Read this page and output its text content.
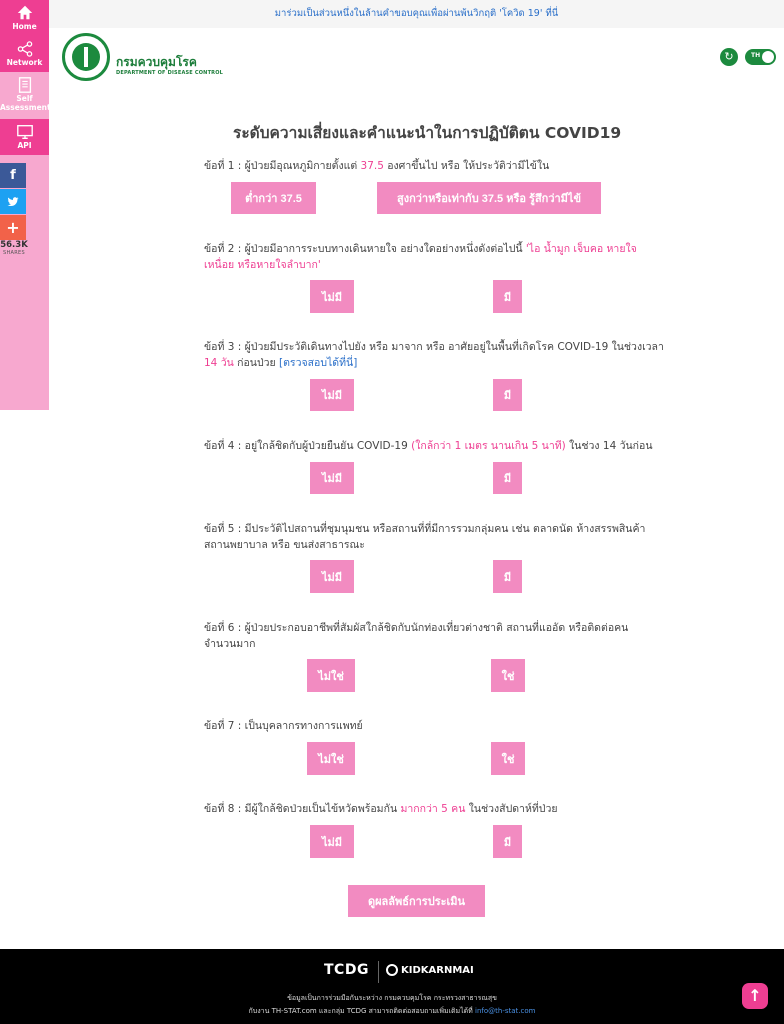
Home
Network
Self
Assessment
API
f
+
56.3K
SHARES
มาร่วมเป็นส่วนหนึ่งในล้านคำขอบคุณเพื่อผ่านพ้นวิกฤติ 'โควิด 19' ที่นี่
กรมควบคุมโรค
DEPARTMENT OF DISEASE CONTROL
↻	TH
ระดับความเสี่ยงและคำแนะนำในการปฏิบัติตน COVID19
ข้อที่ 1 : ผู้ป่วยมีอุณหภูมิกายตั้งแต่ 37.5 องศาขึ้นไป หรือ ให้ประวัติว่ามีไข้ใน
ต่ำกว่า 37.5	สูงกว่าหรือเท่ากับ 37.5 หรือ รู้สึกว่ามีไข้
ข้อที่ 2 : ผู้ป่วยมีอาการระบบทางเดินหายใจ อย่างใดอย่างหนึ่งดังต่อไปนี้ 'ไอ น้ำมูก เจ็บคอ หายใจเหนื่อย หรือหายใจลำบาก'
ไม่มี	มี
ข้อที่ 3 : ผู้ป่วยมีประวัติเดินทางไปยัง หรือ มาจาก หรือ อาศัยอยู่ในพื้นที่เกิดโรค COVID-19 ในช่วงเวลา 14 วัน ก่อนป่วย [ตรวจสอบได้ที่นี่]
ไม่มี	มี
ข้อที่ 4 : อยู่ใกล้ชิดกับผู้ป่วยยืนยัน COVID-19 (ใกล้กว่า 1 เมตร นานเกิน 5 นาที) ในช่วง 14 วันก่อน
ไม่มี	มี
ข้อที่ 5 : มีประวัติไปสถานที่ชุมนุมชน หรือสถานที่ที่มีการรวมกลุ่มคน เช่น ตลาดนัด ห้างสรรพสินค้า สถานพยาบาล หรือ ขนส่งสาธารณะ
ไม่มี	มี
ข้อที่ 6 : ผู้ป่วยประกอบอาชีพที่สัมผัสใกล้ชิดกับนักท่องเที่ยวต่างชาติ สถานที่แออัด หรือติดต่อคนจำนวนมาก
ไม่ใช่	ใช่
ข้อที่ 7 : เป็นบุคลากรทางการแพทย์
ไม่ใช่	ใช่
ข้อที่ 8 : มีผู้ใกล้ชิดป่วยเป็นไข้หวัดพร้อมกัน มากกว่า 5 คน ในช่วงสัปดาห์ที่ป่วย
ไม่มี	มี
ดูผลลัพธ์การประเมิน
TCDG	KIDKARNMAI
ข้อมูลเป็นการร่วมมือกันระหว่าง กรมควบคุมโรค กระทรวงสาธารณสุข
กับงาน TH-STAT.com และกลุ่ม TCDG สามารถติดต่อสอบถามเพิ่มเติมได้ที่ info@th-stat.com
↑
